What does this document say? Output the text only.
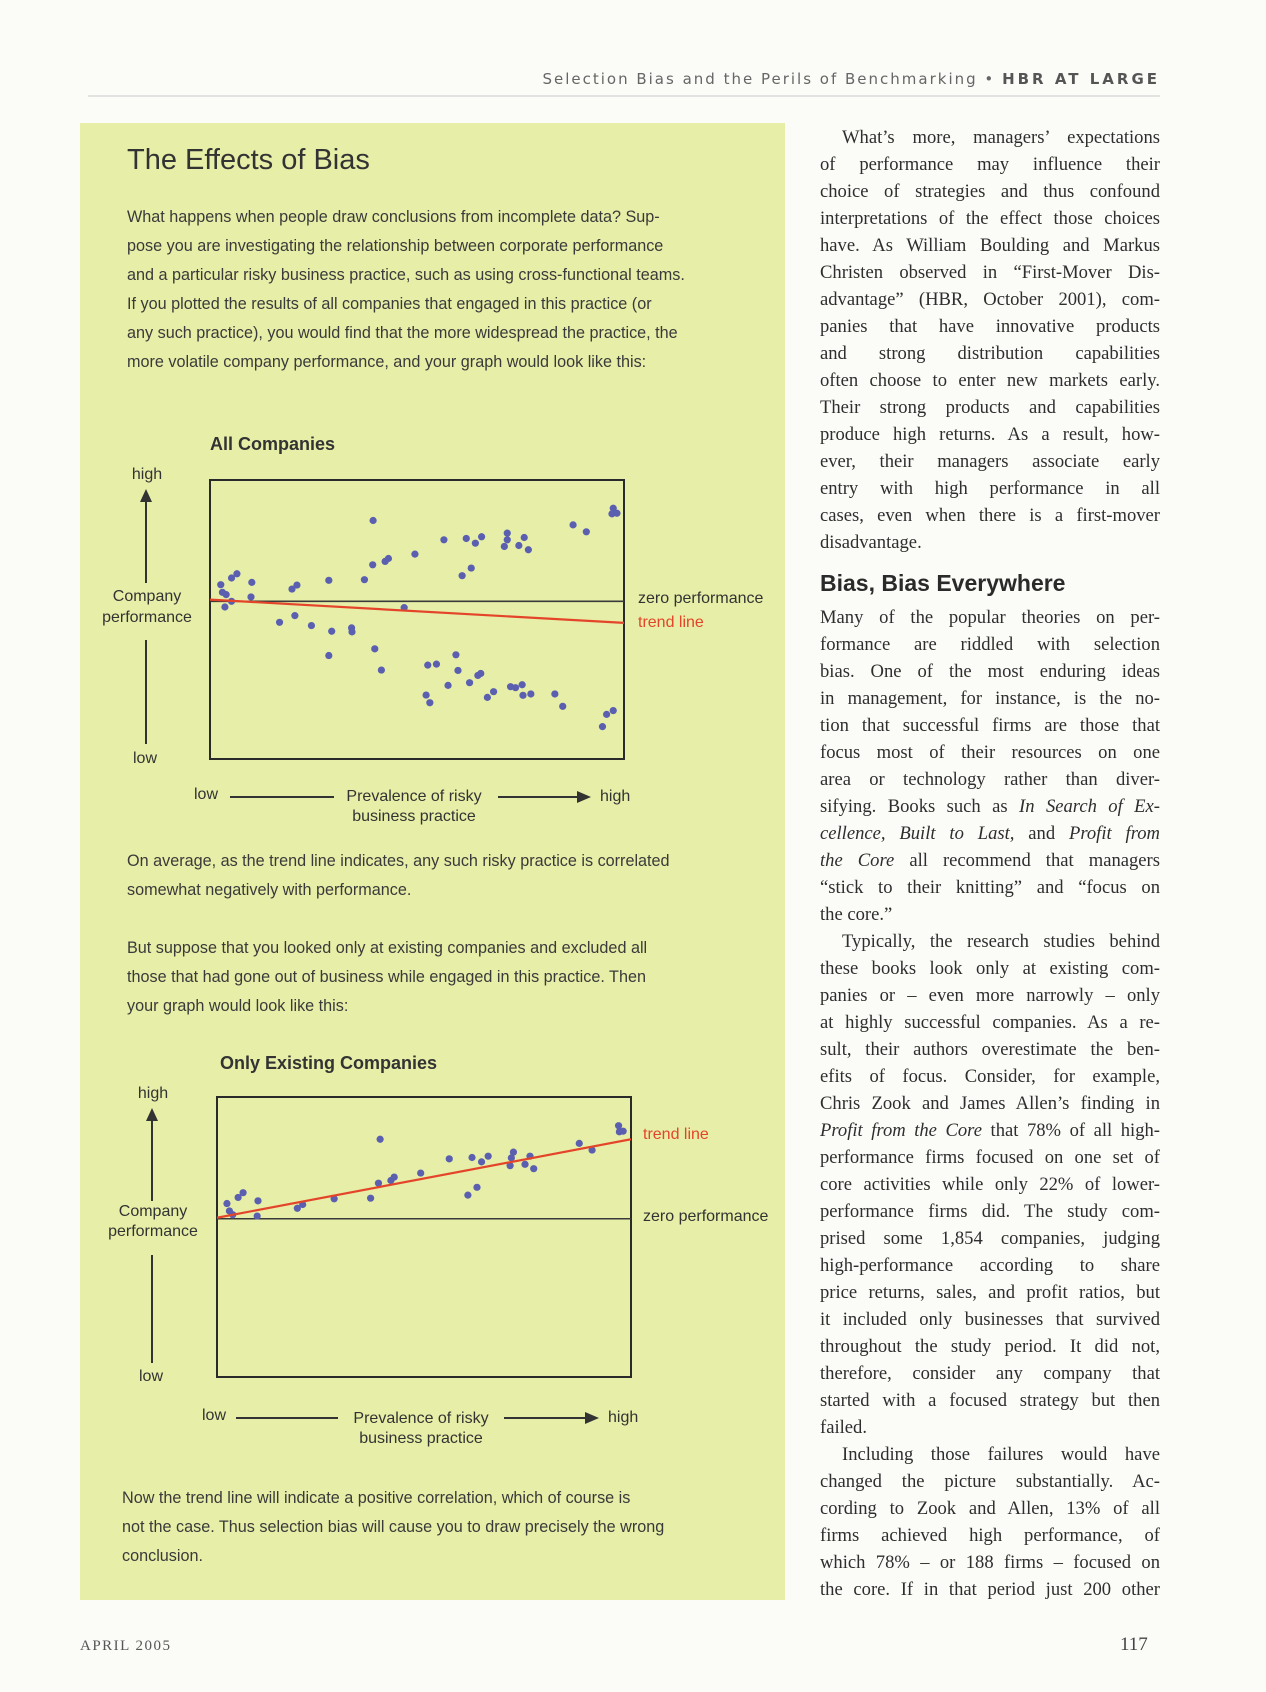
Selection Bias and the Perils of Benchmarking • HBR AT LARGE
The Effects of Bias
What happens when people draw conclusions from incomplete data? Sup-
pose you are investigating the relationship between corporate performance
and a particular risky business practice, such as using cross-functional teams.
If you plotted the results of all companies that engaged in this practice (or
any such practice), you would find that the more widespread the practice, the
more volatile company performance, and your graph would look like this:
On average, as the trend line indicates, any such risky practice is correlated
somewhat negatively with performance.
But suppose that you looked only at existing companies and excluded all
those that had gone out of business while engaged in this practice. Then
your graph would look like this:
Now the trend line will indicate a positive correlation, which of course is
not the case. Thus selection bias will cause you to draw precisely the wrong
conclusion.
All Companies
high
Company
performance
low
zero performance
trend line
low	Prevalence of risky
business practice
high
Only Existing Companies
high
Company
performance
low
trend line
zero performance
low	Prevalence of risky
business practice
high
What’s more, managers’ expectations
of performance may influence their
choice of strategies and thus confound
interpretations of the effect those choices
have. As William Boulding and Markus
Christen observed in “First-Mover Dis-
advantage” (HBR, October 2001), com-
panies that have innovative products
and strong distribution capabilities
often choose to enter new markets early.
Their strong products and capabilities
produce high returns. As a result, how-
ever, their managers associate early
entry with high performance in all
cases, even when there is a first-mover
disadvantage.
Bias, Bias Everywhere
Many of the popular theories on per-
formance are riddled with selection
bias. One of the most enduring ideas
in management, for instance, is the no-
tion that successful firms are those that
focus most of their resources on one
area or technology rather than diver-
sifying. Books such as In Search of Ex-
cellence, Built to Last, and Profit from
the Core all recommend that managers
“stick to their knitting” and “focus on
the core.”
Typically, the research studies behind
these books look only at existing com-
panies or – even more narrowly – only
at highly successful companies. As a re-
sult, their authors overestimate the ben-
efits of focus. Consider, for example,
Chris Zook and James Allen’s finding in
Profit from the Core that 78% of all high-
performance firms focused on one set of
core activities while only 22% of lower-
performance firms did. The study com-
prised some 1,854 companies, judging
high-performance according to share
price returns, sales, and profit ratios, but
it included only businesses that survived
throughout the study period. It did not,
therefore, consider any company that
started with a focused strategy but then
failed.
Including those failures would have
changed the picture substantially. Ac-
cording to Zook and Allen, 13% of all
firms achieved high performance, of
which 78% – or 188 firms – focused on
the core. If in that period just 200 other
APRIL 2005	117
